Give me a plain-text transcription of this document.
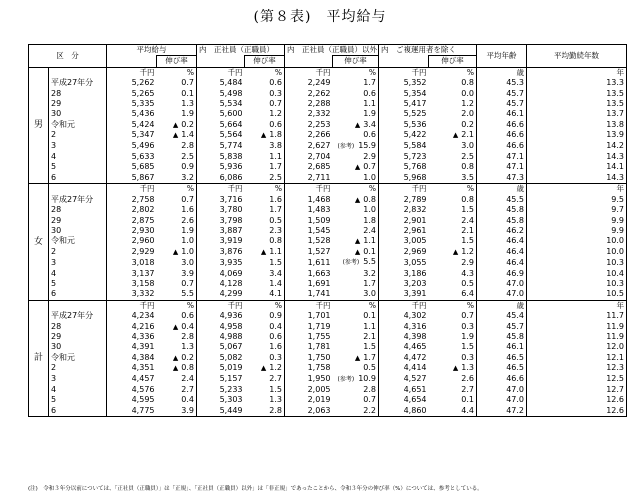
(第８表)　平均給与
区　分		平均給与		内　正社員（正職員）		内　正社員（正職員）以外		内　ご複運用者を除く		平均年齢	平均勤続年数
			伸び率		伸び率		伸び率		伸び率		
男		千円	%	千円	%	千円	%	千円	%	歳	年
	平成27年分	5,262	0.7	5,484	0.6	2,249	1.7	5,352	0.8	45.3	13.3
	28	5,265	0.1	5,498	0.3	2,262	0.6	5,354	0.0	45.7	13.5
	29	5,335	1.3	5,534	0.7	2,288	1.1	5,417	1.2	45.7	13.5
	30	5,436	1.9	5,600	1.2	2,332	1.9	5,525	2.0	46.1	13.7
	令和元	5,424	▲ 0.2	5,664	0.6	2,253	▲ 3.4	5,536	0.2	46.6	13.8
	2	5,347	▲ 1.4	5,564	▲ 1.8	2,266	0.6	5,422	▲ 2.1	46.6	13.9
	3	5,496	2.8	5,774	3.8	2,627	(参考) 15.9	5,584	3.0	46.6	14.2
	4	5,633	2.5	5,838	1.1	2,704	2.9	5,723	2.5	47.1	14.3
	5	5,685	0.9	5,936	1.7	2,685	▲ 0.7	5,768	0.8	47.1	14.1
	6	5,867	3.2	6,086	2.5	2,711	1.0	5,968	3.5	47.3	14.3
女		千円	%	千円	%	千円	%	千円	%	歳	年
	平成27年分	2,758	0.7	3,716	1.6	1,468	▲ 0.8	2,789	0.8	45.5	9.5
	28	2,802	1.6	3,780	1.7	1,483	1.0	2,832	1.5	45.8	9.7
	29	2,875	2.6	3,798	0.5	1,509	1.8	2,901	2.4	45.8	9.9
	30	2,930	1.9	3,887	2.3	1,545	2.4	2,961	2.1	46.2	9.9
	令和元	2,960	1.0	3,919	0.8	1,528	▲ 1.1	3,005	1.5	46.4	10.0
	2	2,929	▲ 1.0	3,876	▲ 1.1	1,527	▲ 0.1	2,969	▲ 1.2	46.4	10.0
	3	3,018	3.0	3,935	1.5	1,611	(参考) 5.5	3,055	2.9	46.4	10.3
	4	3,137	3.9	4,069	3.4	1,663	3.2	3,186	4.3	46.9	10.4
	5	3,158	0.7	4,128	1.4	1,691	1.7	3,203	0.5	47.0	10.3
	6	3,332	5.5	4,299	4.1	1,741	3.0	3,391	6.4	47.0	10.5
計		千円	%	千円	%	千円	%	千円	%	歳	年
	平成27年分	4,234	0.6	4,936	0.9	1,701	0.1	4,302	0.7	45.4	11.7
	28	4,216	▲ 0.4	4,958	0.4	1,719	1.1	4,316	0.3	45.7	11.9
	29	4,336	2.8	4,988	0.6	1,755	2.1	4,398	1.9	45.8	11.9
	30	4,391	1.3	5,067	1.6	1,781	1.5	4,465	1.5	46.1	12.0
	令和元	4,384	▲ 0.2	5,082	0.3	1,750	▲ 1.7	4,472	0.3	46.5	12.1
	2	4,351	▲ 0.8	5,019	▲ 1.2	1,758	0.5	4,414	▲ 1.3	46.5	12.3
	3	4,457	2.4	5,157	2.7	1,950	(参考) 10.9	4,527	2.6	46.6	12.5
	4	4,576	2.7	5,233	1.5	2,005	2.8	4,651	2.7	47.0	12.7
	5	4,595	0.4	5,303	1.3	2,019	0.7	4,654	0.1	47.0	12.6
	6	4,775	3.9	5,449	2.8	2,063	2.2	4,860	4.4	47.2	12.6
(注)　令和３年分以前については、「正社員（正職員）」は「正規」、「正社員（正職員）以外」は「非正規」であったことから、令和３年分の伸び率（%）については、参考としている。
